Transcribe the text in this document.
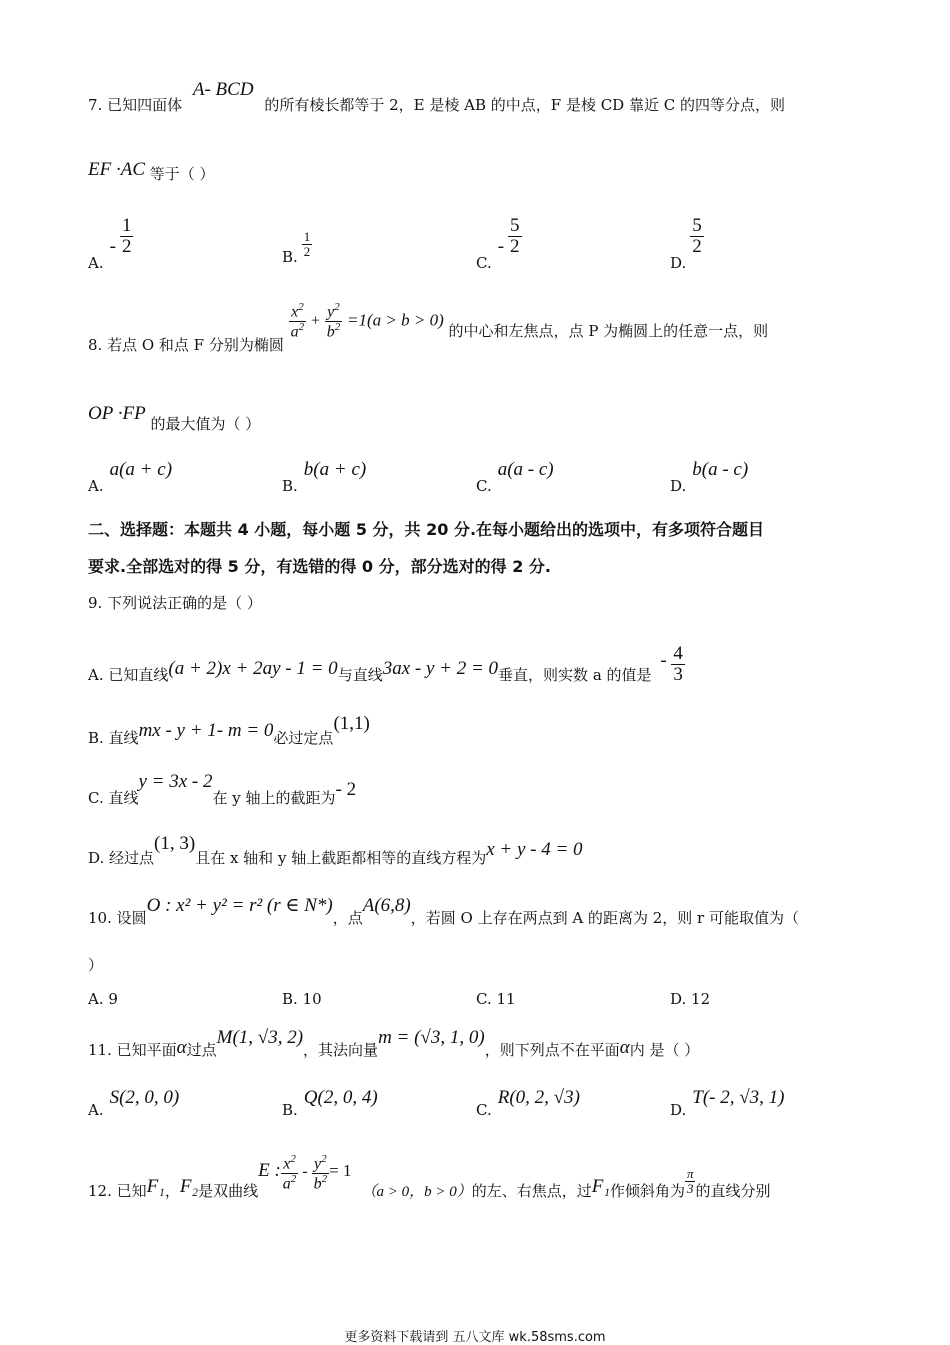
7. 已知四面体 A- BCD 的所有棱长都等于 2，E 是棱 AB 的中点，F 是棱 CD 靠近 C 的四等分点，则
EF ·AC 等于（ ）
$A.- \frac{1}{2}$
B. $\frac{1}{2}$
$C.- \frac{5}{2}$
D.
$\frac{5}{2}$
8. 若点 O 和点 F 分别为椭圆
$\frac{x^2}{a^2} + \frac{y^2}{b^2} =1(a > b > 0)$ 的中心和左焦点，点 P 为椭圆上的任意一点，则
OP ·FP 的最大值为（ ）
A.a(a + c)
B.b(a + c)
C.a(a - c)
D.b(a - c)
二、选择题：本题共 4 小题，每小题 5 分，共 20 分.在每小题给出的选项中，有多项符合题目
要求.全部选对的得 5 分，有选错的得 0 分，部分选对的得 2 分.
9. 下列说法正确的是（ ）
A. 已知直线(a + 2)x + 2ay - 1 = 0与直线3ax - y + 2 = 0垂直，则实数 a 的值是 - $\frac{4}{3}$
B. 直线mx - y + 1- m = 0必过定点(1,1)
C. 直线y = 3x - 2在 y 轴上的截距为- 2
D. 经过点(1, 3)且在 x 轴和 y 轴上截距都相等的直线方程为x + y - 4 = 0
10. 设圆O : x² + y² = r² (r ∈ N*)，点A(6,8)，若圆 O 上存在两点到 A 的距离为 2，则 r 可能取值为（
）
A. 9	B. 10	C. 11	D. 12
11. 已知平面α过点M(1, √3, 2)，其法向量m = (√3, 1, 0)，则下列点不在平面α内 是（ ）
A.S(2, 0, 0)
B.Q(2, 0, 4)
C.R(0, 2, √3)
D.T(- 2, √3, 1)
12. 已知F₁，F₂是双曲线E : $\frac{x^2}{a^2} - \frac{y^2}{b^2} = 1(a > 0$，b > 0）的左、右焦点，过F₁作倾斜角为 $\frac{\pi}{3}$ 的直线分别
更多资料下载请到 五八文库 wk.58sms.com
